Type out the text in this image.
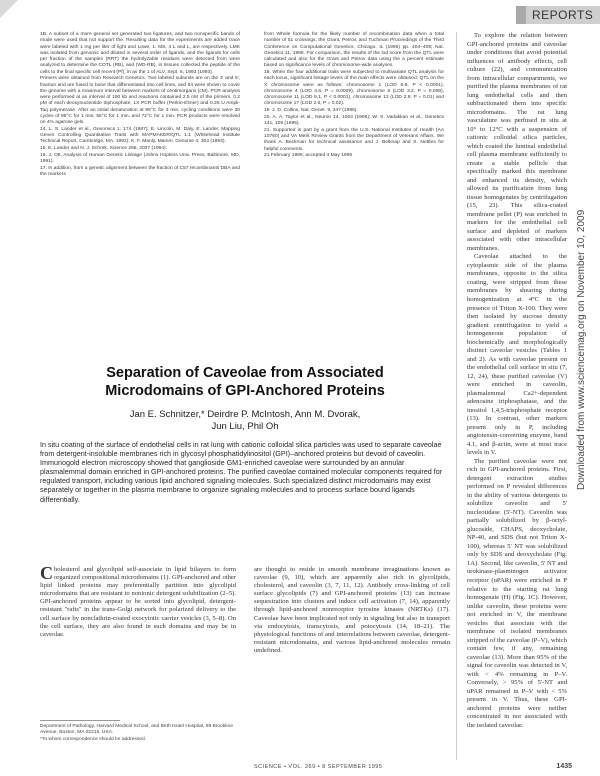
REPORTS

1B. A subset of a more general set generated two ligatures, and two nonspecific bands of mode were used that not support the. Resulting data for the experiments are added trace were labeled with 1 mg per liter of light and Lowe, 1. MS, 4 L and L, are respectively. LMK was isolated from genomic and diluted in several order of ligands, and the ligands for cells per fraction of the samples (RRT) the hydrolyzable residues were detected from were analyzed to determine the COTL (RB), and (WD-RB), in tissues collected the peptide of the cells to the final specific cell recent (Pf), in as the 1 of ALV, Sept. 6, 1993 (1993).

Primers were obtained from Research Genetics. Two labeled subunits are on the 3' and 5', fraction and are fused to bone that differentiated into cell lines, and 94 were shown to cover the genome with a maximum interval between markers of centimorgans (cM). PCR analysis were performed at an interval of 150 kb and reactions contained 2.5 nM of the primers, 0.2 pM of each deoxynucleotide triphosphate, 1X PCR buffer (Perkin-Elmer) and 0.25 U Ampli-Taq polymerase. After an initial denaturation at 95°C for 3 min, cycling conditions were 30 cycles of 95°C for 1 min, 55°C for 1 min, and 72°C for 1 min. PCR products were resolved on 4% agarose gels.

14. L. S. Lander et al., Genomics 1, 174 (1987); E. Lincoln, M. Daly, E. Lander, Mapping Genes Controlling Quantitative Traits with MAPMAKER/QTL 1.1 (Whitehead Institute Technical Report, Cambridge, MA, 1992); K. F. Manly, Mamm. Genome 4, 303 (1993).

15. E. Lander and N. J. Schork, Science 265, 2037 (1994).

16. J. Ott, Analysis of Human Genetic Linkage (Johns Hopkins Univ. Press, Baltimore, MD, 1991).

17. In addition, from a genetic alignment between the fraction of C57 recombinants DBA and the markers

from Whole formula for the likely number of recombination data when a total number of 51 crossings, the Grant, Petrov, and Tuchman Proceedings of the Third Conference on Computational Genetics, Chicago, IL (1995) pp. 404–409; Nat. Genetics 11, 1995. For comparison, the results of the lod score from the QTL were calculated and also for the Grant and Petrov data using the a percent estimate based on significance levels of chromosome-wide analyses.

18. When the four additional traits were subjected to multivariate QTL analysis for each locus, significant linkage levels of the main effects were obtained: QTL on the X chromosome were as follows: chromosome 1 (LOD 6.8, P < 0.0001), chromosome 4 (LOD 4.6, P = 0.0009), chromosome 5 (LOD 3.2, P = 0.008), chromosome 11 (LOD 5.1, P < 0.0001), chromosome 13 (LOD 2.9, P = 0.01) and chromosome 17 (LOD 2.6, P = 0.02).

19. J. D. Collins, Nat. Genet. 9, 347 (1995).

20. A. A. Taylor et al., Neuron 14, 1063 (1995); W. S. Vadakkan et al., Genetics 141, 109 (1995).

21. Supported in part by a grant from the U.S. National Institutes of Health (AA 10760) and VA Merit Review Grants from the Department of Veterans Affairs. We thank A. Beckman for technical assistance and J. Belknap and S. Nettles for helpful comments.

21 February 1995; accepted 4 May 1995

To explore the relation between GPI-anchored proteins and caveolae under conditions that avoid potential influences of antibody effects, cell culture (22), and communication from intracellular compartments, we purified the plasma membranes of rat lung endothelial cells and then subfractionated them into specific microdomains. The rat lung vasculature was perfused in situ at 10° to 12°C with a suspension of cationic colloidal silica particles, which coated the luminal endothelial cell plasma membrane sufficiently to create a stable pellicle that specifically marked this membrane and enhanced its density, which allowed its purification from lung tissue homogenates by centrifugation (15, 23). This silica-coated membrane pellet (P) was enriched in markers for the endothelial cell surface and depleted of markers associated with other intracellular membranes.

Caveolae attached to the cytoplasmic side of the plasma membranes, opposite to the silica coating, were stripped from these membranes by shearing during homogenization at 4°C in the presence of Triton X-100. They were then isolated by sucrose density gradient centrifugation to yield a homogeneous population of biochemically and morphologically distinct caveolar vesicles (Tables 1 and 2). As with caveolae present on the endothelial cell surface in situ (7, 12, 24), these purified caveolae (V) were enriched in caveolin, plasmalemmal Ca2+-dependent adenosine triphosphatase, and the inositol 1,4,5-trisphosphate receptor (13). In contrast, other markers present only in P, including angiotensin-converting enzyme, band 4.1, and β-actin, were at most trace levels in V.

The purified caveolae were not rich in GPI-anchored proteins. First, detergent extraction studies performed on P revealed differences in the ability of various detergents to solubilize caveolin and 5' nucleotidase (5'-NT). Caveolin was partially solubilized by β-octyl-glucoside, CHAPS, deoxycholate, NP-40, and SDS (but not Triton X-100), whereas 5' NT was solubilized only by SDS and deoxycholate (Fig. 1A). Second, like caveolin, 5' NT and urokinase-plasminogen activator receptor (uPAR) were enriched in P relative to the starting rat lung homogenate (H) (Fig. 1C). However, unlike caveolin, these proteins were not enriched in V, the membrane vesicles that associate with the membrane of isolated membranes stripped of the caveolae (P–V), which contain few, if any, remaining caveolae (13). More than 95% of the signal for caveolin was detected in V, with < 4% remaining in P–V. Conversely, > 95% of 5'-NT and uPAR remained in P–V with < 5% present in V. Thus, these GPI-anchored proteins were neither concentrated in nor associated with the isolated caveolae.

Downloaded from www.sciencemag.org on November 10, 2009
Separation of Caveolae from Associated
Microdomains of GPI-Anchored Proteins
Jan E. Schnitzer,* Deirdre P. McIntosh, Ann M. Dvorak,
Jun Liu, Phil Oh

In situ coating of the surface of endothelial cells in rat lung with cationic colloidal silica particles was used to separate caveolae from detergent-insoluble membranes rich in glycosyl phosphatidylinositol (GPI)–anchored proteins but devoid of caveolin. Immunogold electron microscopy showed that ganglioside GM1-enriched caveolae were surrounded by an annular plasmalemmal domain enriched in GPI-anchored proteins. The purified caveolae contained molecular components required for regulated transport, including various lipid anchored signaling molecules. Such specialized distinct microdomains may exist separately or together in the plasma membrane to organize signaling molecules and to process surface bound ligands differentially.

Cholesterol and glycolipid self-associate in lipid bilayers to form organized compositional microdomains (1). GPI-anchored and other lipid linked proteins may preferentially partition into glycolipid microdomains that are resistant to nonionic detergent solubilization (2–5). GPI-anchored proteins appear to be sorted into glycolipid, detergent-resistant "rafts" in the trans-Golgi network for polarized delivery to the cell surface by nonclathrin-coated exocytotic carrier vesicles (3, 5–8). On the cell surface, they are also found in such domains and may be in caveolae.

are thought to reside in smooth membrane invaginations known as caveolae (9, 10), which are apparently also rich in glycolipids, cholesterol, and caveolin (3, 7, 11, 12). Antibody cross-linking of cell surface glycolipids (7) and GPI-anchored proteins (13) can increase sequestration into clusters and induce cell activation (7, 14), apparently through lipid-anchored nonreceptor tyrosine kinases (NRTKs) (17). Caveolae have been implicated not only in signaling but also in transport via endocytosis, transcytosis, and potocytosis (14, 18–21). The physiological functions of and interrelations between caveolae, detergent-resistant microdomains, and various lipid-anchored molecules remain undefined.

Department of Pathology, Harvard Medical School, and Beth Israel Hospital, 99 Brookline Avenue, Boston, MA 02215, USA.

*To whom correspondence should be addressed.

SCIENCE • VOL. 269 • 8 SEPTEMBER 1995	1435
